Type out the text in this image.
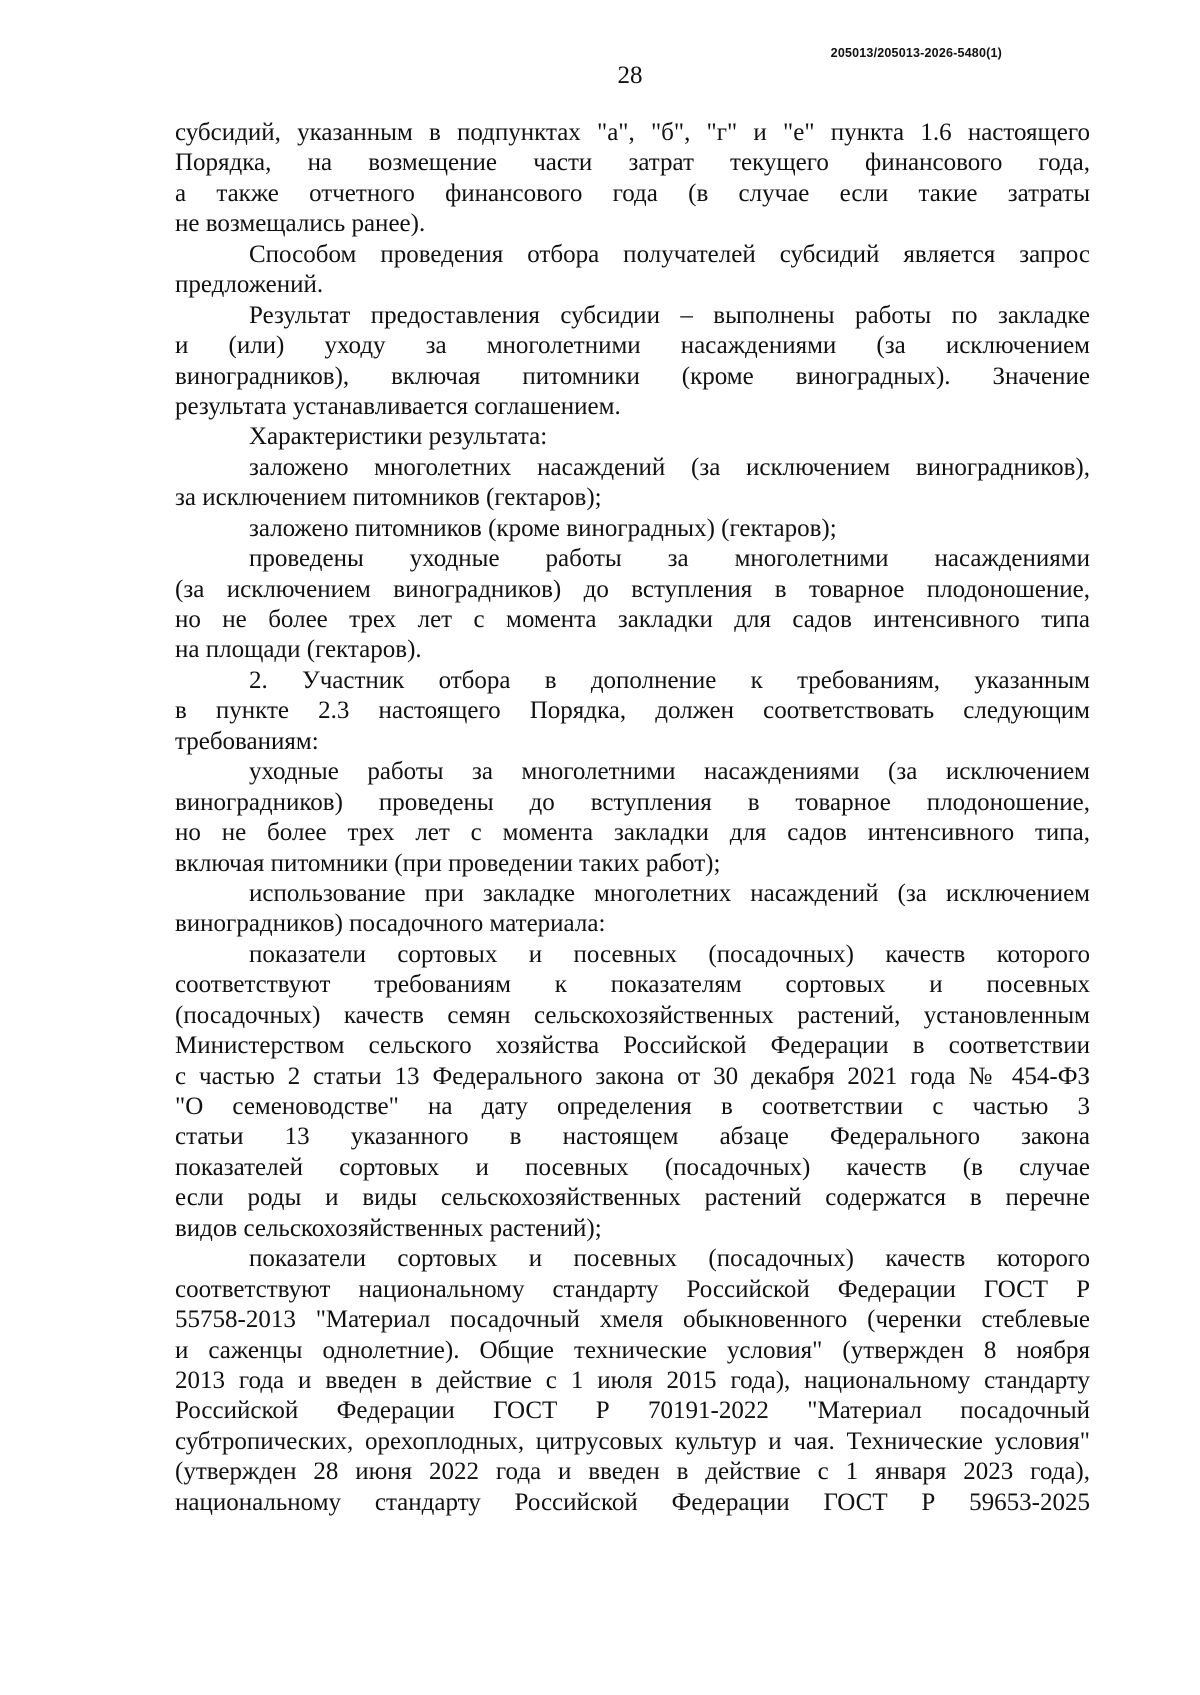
205013/205013-2026-5480(1)
28
субсидий, указанным в подпунктах "а", "б", "г" и "е" пункта 1.6 настоящего
Порядка, на возмещение части затрат текущего финансового года,
а также отчетного финансового года (в случае если такие затраты
не возмещались ранее).
Способом проведения отбора получателей субсидий является запрос
предложений.
Результат предоставления субсидии – выполнены работы по закладке
и (или) уходу за многолетними насаждениями (за исключением
виноградников), включая питомники (кроме виноградных). Значение
результата устанавливается соглашением.
Характеристики результата:
заложено многолетних насаждений (за исключением виноградников),
за исключением питомников (гектаров);
заложено питомников (кроме виноградных) (гектаров);
проведены уходные работы за многолетними насаждениями
(за исключением виноградников) до вступления в товарное плодоношение,
но не более трех лет с момента закладки для садов интенсивного типа
на площади (гектаров).
2. Участник отбора в дополнение к требованиям, указанным
в пункте 2.3 настоящего Порядка, должен соответствовать следующим
требованиям:
уходные работы за многолетними насаждениями (за исключением
виноградников) проведены до вступления в товарное плодоношение,
но не более трех лет с момента закладки для садов интенсивного типа,
включая питомники (при проведении таких работ);
использование при закладке многолетних насаждений (за исключением
виноградников) посадочного материала:
показатели сортовых и посевных (посадочных) качеств которого
соответствуют требованиям к показателям сортовых и посевных
(посадочных) качеств семян сельскохозяйственных растений, установленным
Министерством сельского хозяйства Российской Федерации в соответствии
с частью 2 статьи 13 Федерального закона от 30 декабря 2021 года № 454-ФЗ
"О семеноводстве" на дату определения в соответствии с частью 3
статьи 13 указанного в настоящем абзаце Федерального закона
показателей сортовых и посевных (посадочных) качеств (в случае
если роды и виды сельскохозяйственных растений содержатся в перечне
видов сельскохозяйственных растений);
показатели сортовых и посевных (посадочных) качеств которого
соответствуют национальному стандарту Российской Федерации ГОСТ Р
55758-2013 "Материал посадочный хмеля обыкновенного (черенки стеблевые
и саженцы однолетние). Общие технические условия" (утвержден 8 ноября
2013 года и введен в действие с 1 июля 2015 года), национальному стандарту
Российской Федерации ГОСТ Р 70191-2022 "Материал посадочный
субтропических, орехоплодных, цитрусовых культур и чая. Технические условия"
(утвержден 28 июня 2022 года и введен в действие с 1 января 2023 года),
национальному стандарту Российской Федерации ГОСТ Р 59653-2025
